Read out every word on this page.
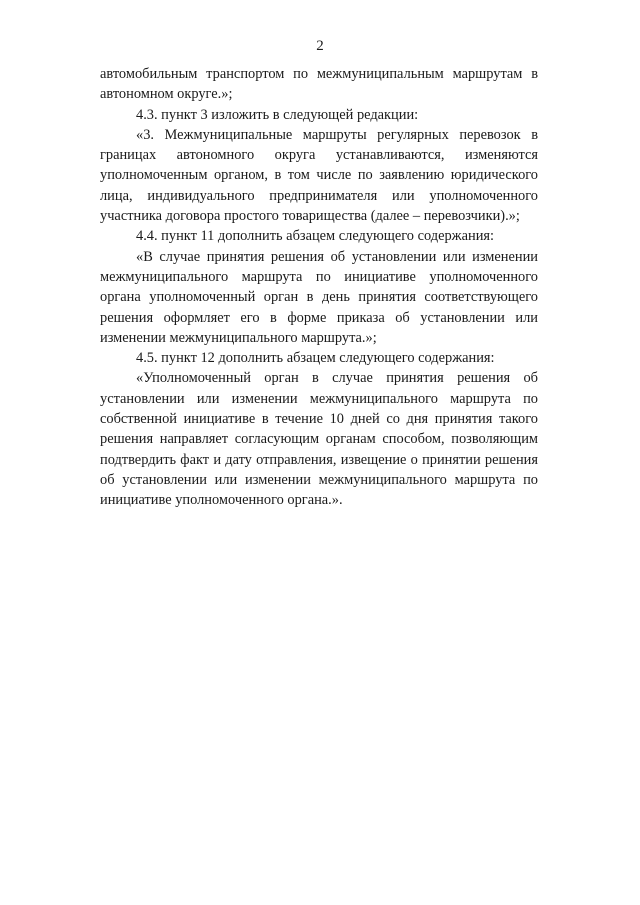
2

автомобильным транспортом по межмуниципальным маршрутам в автономном округе.»;

4.3. пункт 3 изложить в следующей редакции:

«3. Межмуниципальные маршруты регулярных перевозок в границах автономного округа устанавливаются, изменяются уполномоченным органом, в том числе по заявлению юридического лица, индивидуального предпринимателя или уполномоченного участника договора простого товарищества (далее – перевозчики).»;

4.4. пункт 11 дополнить абзацем следующего содержания:

«В случае принятия решения об установлении или изменении межмуниципального маршрута по инициативе уполномоченного органа уполномоченный орган в день принятия соответствующего решения оформляет его в форме приказа об установлении или изменении межмуниципального маршрута.»;

4.5. пункт 12 дополнить абзацем следующего содержания:

«Уполномоченный орган в случае принятия решения об установлении или изменении межмуниципального маршрута по собственной инициативе в течение 10 дней со дня принятия такого решения направляет согласующим органам способом, позволяющим подтвердить факт и дату отправления, извещение о принятии решения об установлении или изменении межмуниципального маршрута по инициативе уполномоченного органа.».
